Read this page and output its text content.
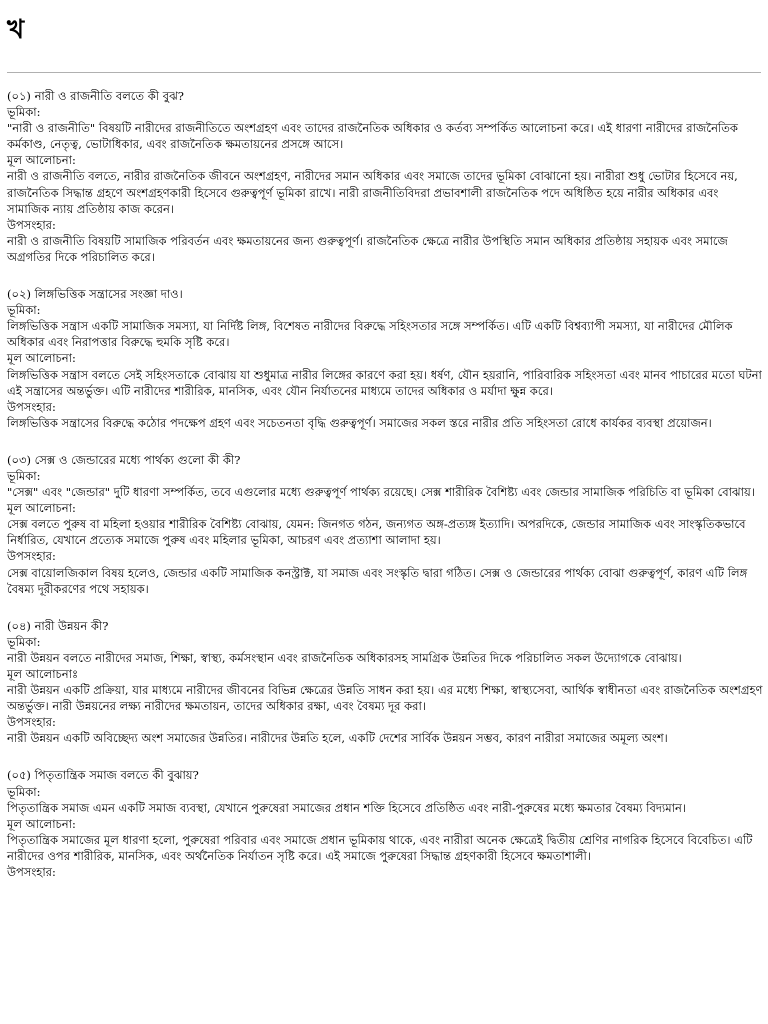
খ
(০১) নারী ও রাজনীতি বলতে কী বুঝ?
ভূমিকা:
"নারী ও রাজনীতি" বিষয়টি নারীদের রাজনীতিতে অংশগ্রহণ এবং তাদের রাজনৈতিক অধিকার ও কর্তব্য সম্পর্কিত আলোচনা করে। এই ধারণা নারীদের রাজনৈতিক কর্মকাণ্ড, নেতৃত্ব, ভোটাধিকার, এবং রাজনৈতিক ক্ষমতায়নের প্রসঙ্গে আসে।
মূল আলোচনা:
নারী ও রাজনীতি বলতে, নারীর রাজনৈতিক জীবনে অংশগ্রহণ, নারীদের সমান অধিকার এবং সমাজে তাদের ভূমিকা বোঝানো হয়। নারীরা শুধু ভোটার হিসেবে নয়, রাজনৈতিক সিদ্ধান্ত গ্রহণে অংশগ্রহণকারী হিসেবে গুরুত্বপূর্ণ ভূমিকা রাখে। নারী রাজনীতিবিদরা প্রভাবশালী রাজনৈতিক পদে অধিষ্ঠিত হয়ে নারীর অধিকার এবং সামাজিক ন্যায় প্রতিষ্ঠায় কাজ করেন।
উপসংহার:
নারী ও রাজনীতি বিষয়টি সামাজিক পরিবর্তন এবং ক্ষমতায়নের জন্য গুরুত্বপূর্ণ। রাজনৈতিক ক্ষেত্রে নারীর উপস্থিতি সমান অধিকার প্রতিষ্ঠায় সহায়ক এবং সমাজে অগ্রগতির দিকে পরিচালিত করে।
(০২) লিঙ্গভিত্তিক সন্ত্রাসের সংজ্ঞা দাও।
ভূমিকা:
লিঙ্গভিত্তিক সন্ত্রাস একটি সামাজিক সমস্যা, যা নির্দিষ্ট লিঙ্গ, বিশেষত নারীদের বিরুদ্ধে সহিংসতার সঙ্গে সম্পর্কিত। এটি একটি বিশ্বব্যাপী সমস্যা, যা নারীদের মৌলিক অধিকার এবং নিরাপত্তার বিরুদ্ধে হুমকি সৃষ্টি করে।
মূল আলোচনা:
লিঙ্গভিত্তিক সন্ত্রাস বলতে সেই সহিংসতাকে বোঝায় যা শুধুমাত্র নারীর লিঙ্গের কারণে করা হয়। ধর্ষণ, যৌন হয়রানি, পারিবারিক সহিংসতা এবং মানব পাচারের মতো ঘটনা এই সন্ত্রাসের অন্তর্ভুক্ত। এটি নারীদের শারীরিক, মানসিক, এবং যৌন নির্যাতনের মাধ্যমে তাদের অধিকার ও মর্যাদা ক্ষুন্ন করে।
উপসংহার:
লিঙ্গভিত্তিক সন্ত্রাসের বিরুদ্ধে কঠোর পদক্ষেপ গ্রহণ এবং সচেতনতা বৃদ্ধি গুরুত্বপূর্ণ। সমাজের সকল স্তরে নারীর প্রতি সহিংসতা রোধে কার্যকর ব্যবস্থা প্রয়োজন।
(০৩) সেক্স ও জেন্ডারের মধ্যে পার্থক্য গুলো কী কী?
ভূমিকা:
"সেক্স" এবং "জেন্ডার" দুটি ধারণা সম্পর্কিত, তবে এগুলোর মধ্যে গুরুত্বপূর্ণ পার্থক্য রয়েছে। সেক্স শারীরিক বৈশিষ্ট্য এবং জেন্ডার সামাজিক পরিচিতি বা ভূমিকা বোঝায়।
মূল আলোচনা:
সেক্স বলতে পুরুষ বা মহিলা হওয়ার শারীরিক বৈশিষ্ট্য বোঝায়, যেমন: জিনগত গঠন, জন্যগত অঙ্গ-প্রত্যঙ্গ ইত্যাদি। অপরদিকে, জেন্ডার সামাজিক এবং সাংস্কৃতিকভাবে নির্ধারিত, যেখানে প্রত্যেক সমাজে পুরুষ এবং মহিলার ভূমিকা, আচরণ এবং প্রত্যাশা আলাদা হয়।
উপসংহার:
সেক্স বায়োলজিকাল বিষয় হলেও, জেন্ডার একটি সামাজিক কনস্ট্রাক্ট, যা সমাজ এবং সংস্কৃতি দ্বারা গঠিত। সেক্স ও জেন্ডারের পার্থক্য বোঝা গুরুত্বপূর্ণ, কারণ এটি লিঙ্গ বৈষম্য দূরীকরণের পথে সহায়ক।
(০৪) নারী উন্নয়ন কী?
ভূমিকা:
নারী উন্নয়ন বলতে নারীদের সমাজ, শিক্ষা, স্বাস্থ্য, কর্মসংস্থান এবং রাজনৈতিক অধিকারসহ সামগ্রিক উন্নতির দিকে পরিচালিত সকল উদ্যোগকে বোঝায়।
মূল আলোচনাঃ
নারী উন্নয়ন একটি প্রক্রিয়া, যার মাধ্যমে নারীদের জীবনের বিভিন্ন ক্ষেত্রের উন্নতি সাধন করা হয়। এর মধ্যে শিক্ষা, স্বাস্থ্যসেবা, আর্থিক স্বাধীনতা এবং রাজনৈতিক অংশগ্রহণ অন্তর্ভুক্ত। নারী উন্নয়নের লক্ষ্য নারীদের ক্ষমতায়ন, তাদের অধিকার রক্ষা, এবং বৈষম্য দূর করা।
উপসংহার:
নারী উন্নয়ন একটি অবিচ্ছেদ্য অংশ সমাজের উন্নতির। নারীদের উন্নতি হলে, একটি দেশের সার্বিক উন্নয়ন সম্ভব, কারণ নারীরা সমাজের অমূল্য অংশ।
(০৫) পিতৃতান্ত্রিক সমাজ বলতে কী বুঝায়?
ভূমিকা:
পিতৃতান্ত্রিক সমাজ এমন একটি সমাজ ব্যবস্থা, যেখানে পুরুষেরা সমাজের প্রধান শক্তি হিসেবে প্রতিষ্ঠিত এবং নারী-পুরুষের মধ্যে ক্ষমতার বৈষম্য বিদ্যমান।
মূল আলোচনা:
পিতৃতান্ত্রিক সমাজের মূল ধারণা হলো, পুরুষেরা পরিবার এবং সমাজে প্রধান ভূমিকায় থাকে, এবং নারীরা অনেক ক্ষেত্রেই দ্বিতীয় শ্রেণির নাগরিক হিসেবে বিবেচিত। এটি নারীদের ওপর শারীরিক, মানসিক, এবং অর্থনৈতিক নির্যাতন সৃষ্টি করে। এই সমাজে পুরুষেরা সিদ্ধান্ত গ্রহণকারী হিসেবে ক্ষমতাশালী।
উপসংহার:
